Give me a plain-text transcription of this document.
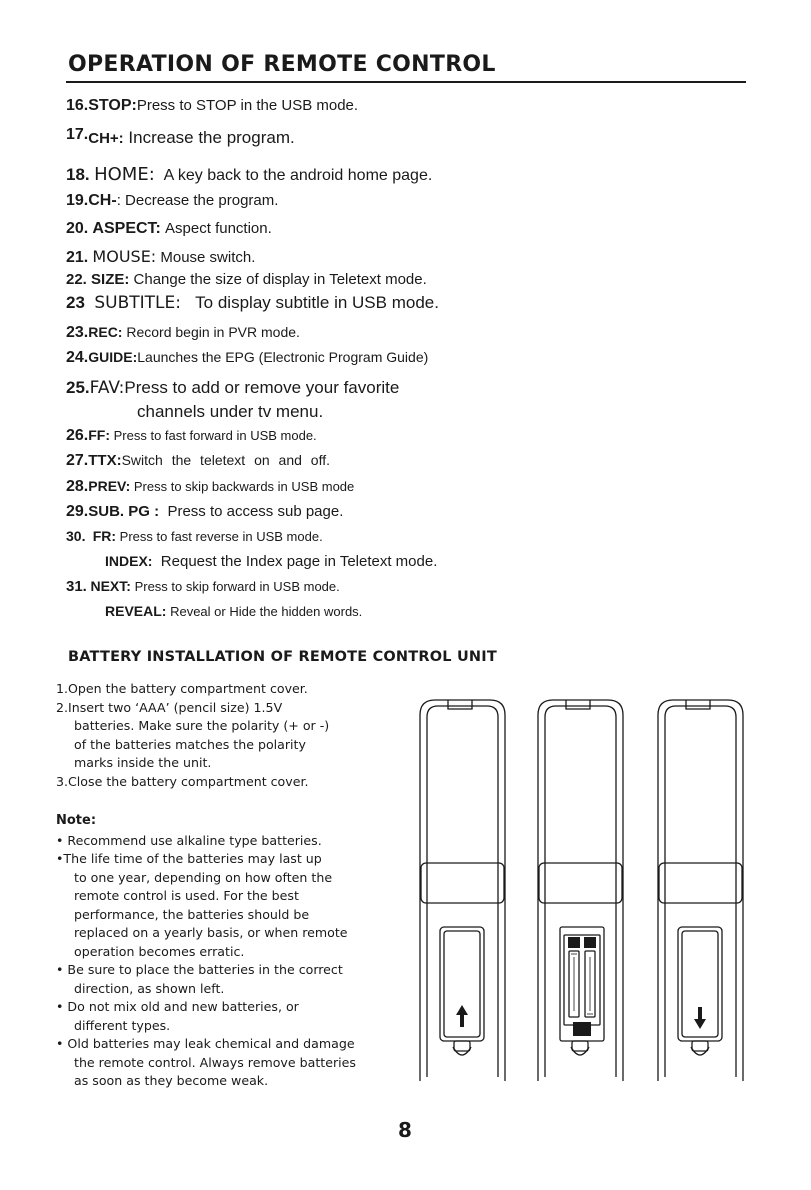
OPERATION OF REMOTE CONTROL
16.STOP:Press to STOP in the USB mode.
17.CH+: Increase the program.
18. HOME: A key back to the android home page.
19.CH-: Decrease the program.
20. ASPECT: Aspect function.
21. MOUSE: Mouse switch.
22. SIZE: Change the size of display in Teletext mode.
23 SUBTITLE: To display subtitle in USB mode.
23.REC: Record begin in PVR mode.
24.GUIDE:Launches the EPG (Electronic Program Guide)
25.FAV:Press to add or remove your favorite
channels under tv menu.
26.FF: Press to fast forward in USB mode.
27.TTX:Switch the teletext on and off.
28.PREV: Press to skip backwards in USB mode
29.SUB. PG : Press to access sub page.
30. FR: Press to fast reverse in USB mode.
INDEX: Request the Index page in Teletext mode.
31. NEXT: Press to skip forward in USB mode.
REVEAL: Reveal or Hide the hidden words.
BATTERY INSTALLATION OF REMOTE CONTROL UNIT
1.Open the battery compartment cover.
2.Insert two ‘AAA’ (pencil size) 1.5V
batteries. Make sure the polarity (+ or -)
of the batteries matches the polarity
marks inside the unit.
3.Close the battery compartment cover.
Note:
• Recommend use alkaline type batteries.
•The life time of the batteries may last up
to one year, depending on how often the
remote control is used. For the best
performance, the batteries should be
replaced on a yearly basis, or when remote
operation becomes erratic.
• Be sure to place the batteries in the correct
direction, as shown left.
• Do not mix old and new batteries, or
different types.
• Old batteries may leak chemical and damage
the remote control. Always remove batteries
as soon as they become weak.
8
